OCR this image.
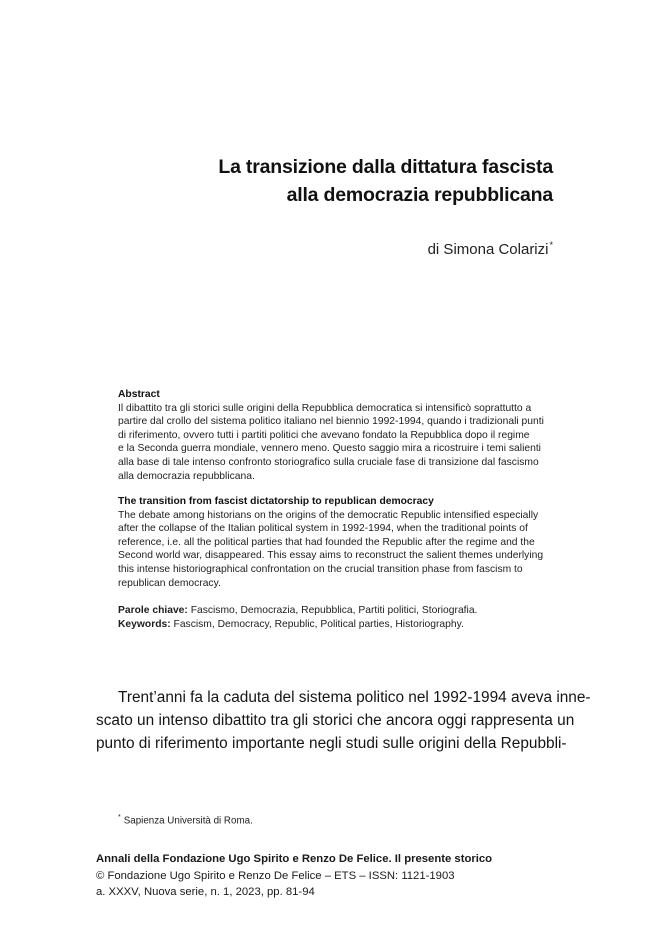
La transizione dalla dittatura fascista
alla democrazia repubblicana
di Simona Colarizi*
Abstract
Il dibattito tra gli storici sulle origini della Repubblica democratica si intensificò soprattutto a
partire dal crollo del sistema politico italiano nel biennio 1992-1994, quando i tradizionali punti
di riferimento, ovvero tutti i partiti politici che avevano fondato la Repubblica dopo il regime
e la Seconda guerra mondiale, vennero meno. Questo saggio mira a ricostruire i temi salienti
alla base di tale intenso confronto storiografico sulla cruciale fase di transizione dal fascismo
alla democrazia repubblicana.
The transition from fascist dictatorship to republican democracy
The debate among historians on the origins of the democratic Republic intensified especially
after the collapse of the Italian political system in 1992-1994, when the traditional points of
reference, i.e. all the political parties that had founded the Republic after the regime and the
Second world war, disappeared. This essay aims to reconstruct the salient themes underlying
this intense historiographical confrontation on the crucial transition phase from fascism to
republican democracy.
Parole chiave: Fascismo, Democrazia, Repubblica, Partiti politici, Storiografia.
Keywords: Fascism, Democracy, Republic, Political parties, Historiography.
Trent’anni fa la caduta del sistema politico nel 1992-1994 aveva inne-
scato un intenso dibattito tra gli storici che ancora oggi rappresenta un
punto di riferimento importante negli studi sulle origini della Repubbli-
* Sapienza Università di Roma.
Annali della Fondazione Ugo Spirito e Renzo De Felice. Il presente storico
© Fondazione Ugo Spirito e Renzo De Felice – ETS – ISSN: 1121-1903
a. XXXV, Nuova serie, n. 1, 2023, pp. 81-94
